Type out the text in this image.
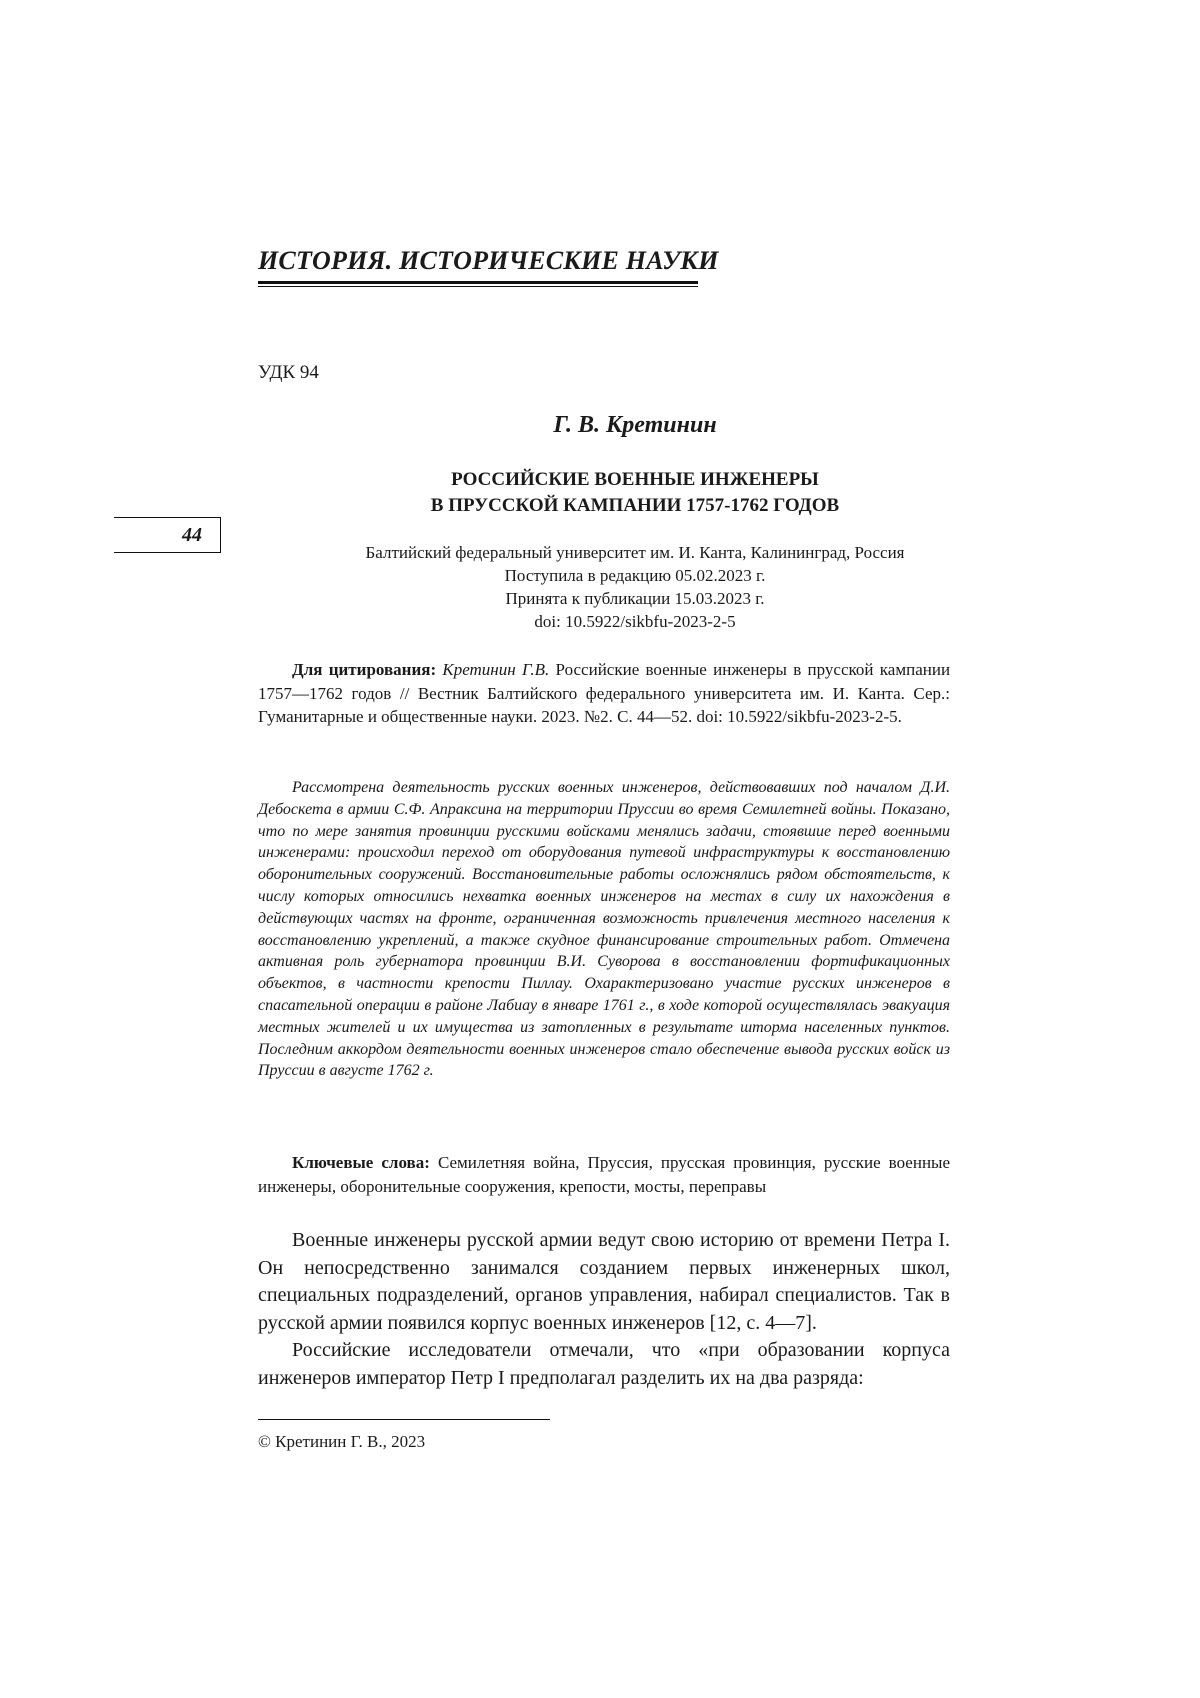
ИСТОРИЯ. ИСТОРИЧЕСКИЕ НАУКИ
УДК 94
Г. В. Кретинин
РОССИЙСКИЕ ВОЕННЫЕ ИНЖЕНЕРЫ
В ПРУССКОЙ КАМПАНИИ 1757-1762 ГОДОВ
44
Балтийский федеральный университет им. И. Канта, Калининград, Россия
Поступила в редакцию 05.02.2023 г.
Принята к публикации 15.03.2023 г.
doi: 10.5922/sikbfu-2023-2-5
Для цитирования: Кретинин Г.В. Российские военные инженеры в прусской кампании 1757—1762 годов // Вестник Балтийского федерального университета им. И. Канта. Сер.: Гуманитарные и общественные науки. 2023. №2. С. 44—52. doi: 10.5922/sikbfu-2023-2-5.
Рассмотрена деятельность русских военных инженеров, действовавших под началом Д.И. Дебоскета в армии С.Ф. Апраксина на территории Пруссии во время Семилетней войны. Показано, что по мере занятия провинции русскими войсками менялись задачи, стоявшие перед военными инженерами: происходил переход от оборудования путевой инфраструктуры к восстановлению оборонительных сооружений. Восстановительные работы осложнялись рядом обстоятельств, к числу которых относились нехватка военных инженеров на местах в силу их нахождения в действующих частях на фронте, ограниченная возможность привлечения местного населения к восстановлению укреплений, а также скудное финансирование строительных работ. Отмечена активная роль губернатора провинции В.И. Суворова в восстановлении фортификационных объектов, в частности крепости Пиллау. Охарактеризовано участие русских инженеров в спасательной операции в районе Лабиау в январе 1761 г., в ходе которой осуществлялась эвакуация местных жителей и их имущества из затопленных в результате шторма населенных пунктов. Последним аккордом деятельности военных инженеров стало обеспечение вывода русских войск из Пруссии в августе 1762 г.
Ключевые слова: Семилетняя война, Пруссия, прусская провинция, русские военные инженеры, оборонительные сооружения, крепости, мосты, переправы

Военные инженеры русской армии ведут свою историю от времени Петра I. Он непосредственно занимался созданием первых инженерных школ, специальных подразделений, органов управления, набирал специалистов. Так в русской армии появился корпус военных инженеров [12, с. 4—7].

Российские исследователи отмечали, что «при образовании корпуса инженеров император Петр I предполагал разделить их на два разряда:

© Кретинин Г. В., 2023
